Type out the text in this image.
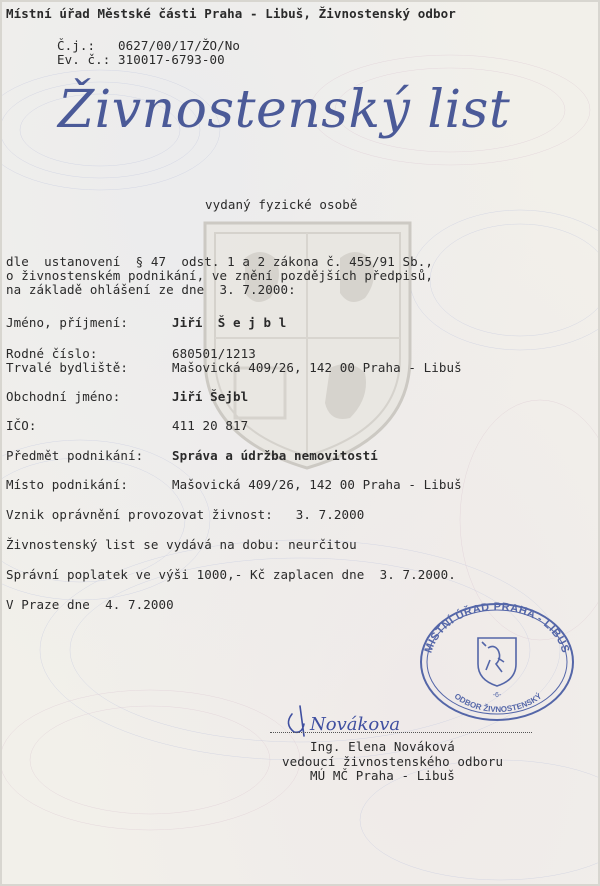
Místní úřad Městské části Praha - Libuš, Živnostenský odbor
Č.j.:   0627/00/17/ŽO/No
Ev. č.: 310017-6793-00
Živnostenský list
vydaný fyzické osobě
dle  ustanovení  § 47  odst. 1 a 2 zákona č. 455/91 Sb.,
o živnostenském podnikání, ve znění pozdějších předpisů,
na základě ohlášení ze dne  3. 7.2000:
Jméno, příjmení:	Jiří  Š e j b l
Rodné číslo:	680501/1213
Trvalé bydliště:	Mašovická 409/26, 142 00 Praha - Libuš
Obchodní jméno:	Jiří Šejbl
IČO:	411 20 817
Předmět podnikání: Správa a údržba nemovitostí
Místo podnikání:	Mašovická 409/26, 142 00 Praha - Libuš
Vznik oprávnění provozovat živnost:   3. 7.2000
Živnostenský list se vydává na dobu: neurčitou
Správní poplatek ve výši 1000,- Kč zaplacen dne  3. 7.2000.
V Praze dne  4. 7.2000
MÍSTNÍ ÚŘAD PRAHA - LIBUŠ
ODBOR ŽIVNOSTENSKÝ
-6-
Novákova
Ing. Elena Nováková
vedoucí živnostenského odboru
MÚ MČ Praha - Libuš
